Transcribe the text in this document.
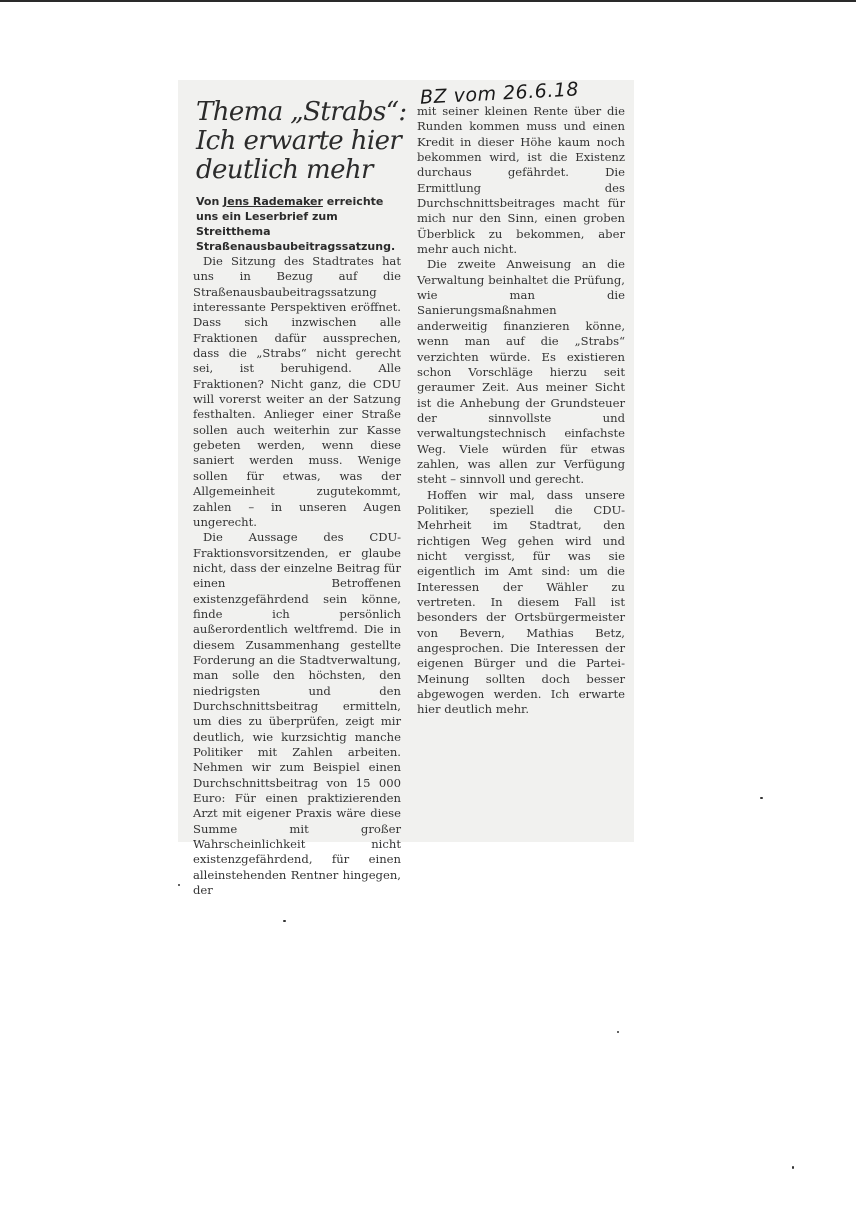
BZ vom 26.6.18
Thema „Strabs“: Ich erwarte hier deutlich mehr

Von Jens Rademaker erreichte uns ein Leserbrief zum Streitthema Straßenausbaubeitragssatzung.

Die Sitzung des Stadtrates hat uns in Bezug auf die Straßenausbaubeitragssatzung interessante Perspektiven eröffnet. Dass sich inzwischen alle Fraktionen dafür aussprechen, dass die „Strabs“ nicht gerecht sei, ist beruhigend. Alle Fraktionen? Nicht ganz, die CDU will vorerst weiter an der Satzung festhalten. Anlieger einer Straße sollen auch weiterhin zur Kasse gebeten werden, wenn diese saniert werden muss. Wenige sollen für etwas, was der Allgemeinheit zugutekommt, zahlen – in unseren Augen ungerecht.

Die Aussage des CDU-Fraktionsvorsitzenden, er glaube nicht, dass der einzelne Beitrag für einen Betroffenen existenzgefährdend sein könne, finde ich persönlich außerordentlich weltfremd. Die in diesem Zusammenhang gestellte Forderung an die Stadtverwaltung, man solle den höchsten, den niedrigsten und den Durchschnittsbeitrag ermitteln, um dies zu überprüfen, zeigt mir deutlich, wie kurzsichtig manche Politiker mit Zahlen arbeiten. Nehmen wir zum Beispiel einen Durchschnittsbeitrag von 15 000 Euro: Für einen praktizierenden Arzt mit eigener Praxis wäre diese Summe mit großer Wahrscheinlichkeit nicht existenzgefährdend, für einen alleinstehenden Rentner hingegen, der

mit seiner kleinen Rente über die Runden kommen muss und einen Kredit in dieser Höhe kaum noch bekommen wird, ist die Existenz durchaus gefährdet. Die Ermittlung des Durchschnittsbeitrages macht für mich nur den Sinn, einen groben Überblick zu bekommen, aber mehr auch nicht.

Die zweite Anweisung an die Verwaltung beinhaltet die Prüfung, wie man die Sanierungsmaßnahmen anderweitig finanzieren könne, wenn man auf die „Strabs“ verzichten würde. Es existieren schon Vorschläge hierzu seit geraumer Zeit. Aus meiner Sicht ist die Anhebung der Grundsteuer der sinnvollste und verwaltungstechnisch einfachste Weg. Viele würden für etwas zahlen, was allen zur Verfügung steht – sinnvoll und gerecht.

Hoffen wir mal, dass unsere Politiker, speziell die CDU-Mehrheit im Stadtrat, den richtigen Weg gehen wird und nicht vergisst, für was sie eigentlich im Amt sind: um die Interessen der Wähler zu vertreten. In diesem Fall ist besonders der Ortsbürgermeister von Bevern, Mathias Betz, angesprochen. Die Interessen der eigenen Bürger und die Partei-Meinung sollten doch besser abgewogen werden. Ich erwarte hier deutlich mehr.
